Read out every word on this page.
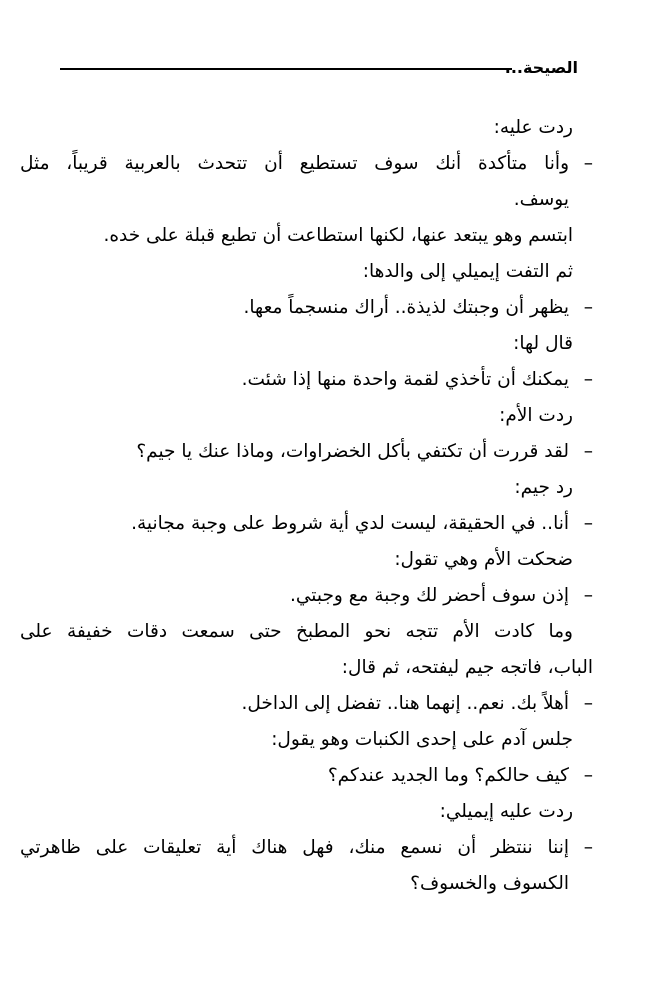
الصيحة...
ردت عليه:
–
وأنا متأكدة أنك سوف تستطيع أن تتحدث بالعربية قريباً، مثل
يوسف.
ابتسم وهو يبتعد عنها، لكنها استطاعت أن تطبع قبلة على خده.
ثم التفت إيميلي إلى والدها:
–
يظهر أن وجبتك لذيذة.. أراك منسجماً معها.
قال لها:
–
يمكنك أن تأخذي لقمة واحدة منها إذا شئت.
ردت الأم:
–
لقد قررت أن تكتفي بأكل الخضراوات، وماذا عنك يا جيم؟
رد جيم:
–
أنا.. في الحقيقة، ليست لدي أية شروط على وجبة مجانية.
ضحكت الأم وهي تقول:
–
إذن سوف أحضر لك وجبة مع وجبتي.
وما كادت الأم تتجه نحو المطبخ حتى سمعت دقات خفيفة على
الباب، فاتجه جيم ليفتحه، ثم قال:
–
أهلاً بك. نعم.. إنهما هنا.. تفضل إلى الداخل.
جلس آدم على إحدى الكنبات وهو يقول:
–
كيف حالكم؟ وما الجديد عندكم؟
ردت عليه إيميلي:
–
إننا ننتظر أن نسمع منك، فهل هناك أية تعليقات على ظاهرتي
الكسوف والخسوف؟
